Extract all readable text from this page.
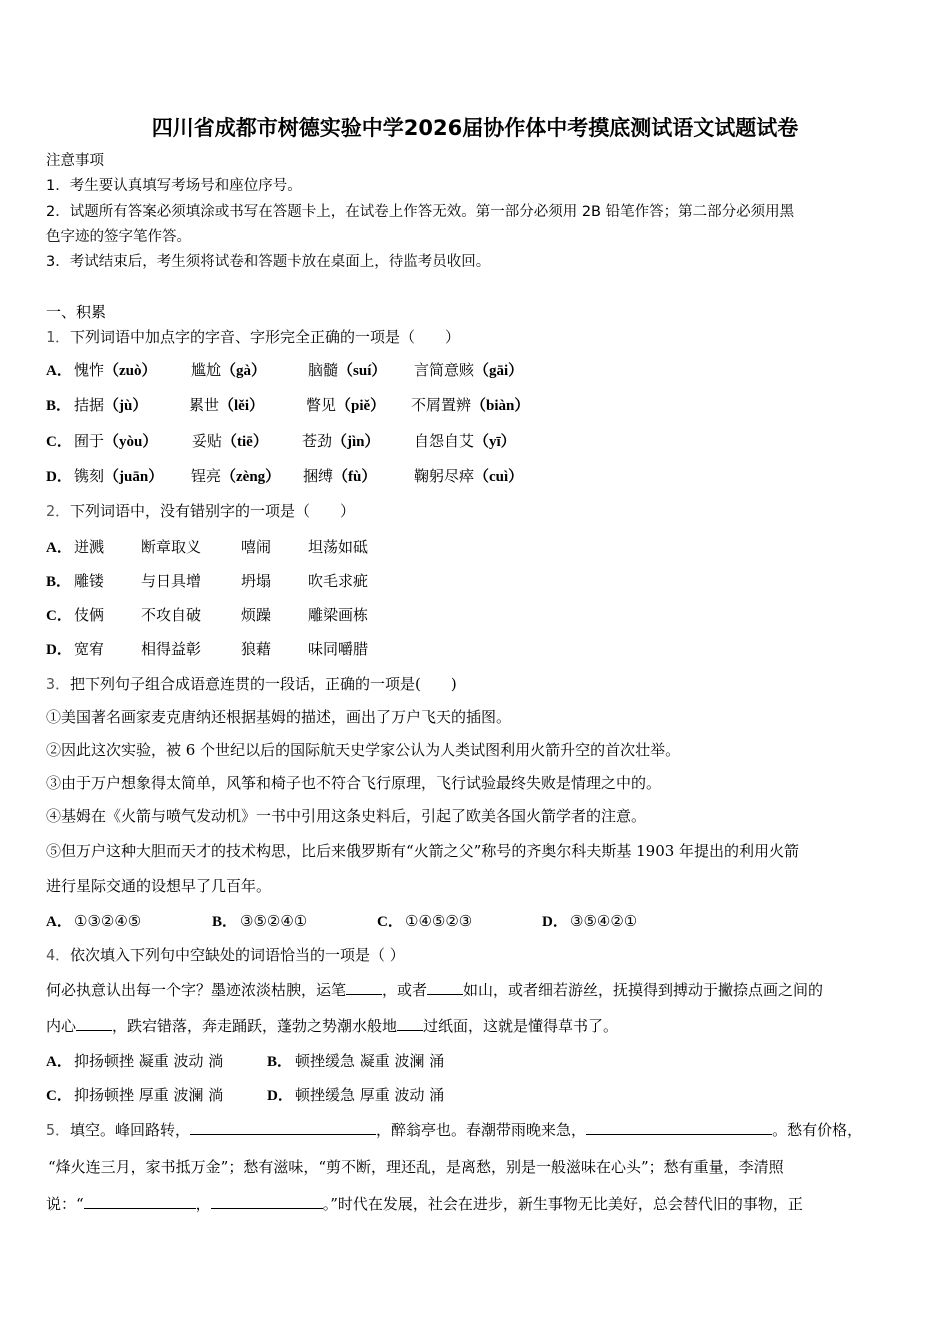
四川省成都市树德实验中学2026届协作体中考摸底测试语文试题试卷
注意事项
1．考生要认真填写考场号和座位序号。
2．试题所有答案必须填涂或书写在答题卡上，在试卷上作答无效。第一部分必须用 2B 铅笔作答；第二部分必须用黑
色字迹的签字笔作答。
3．考试结束后，考生须将试卷和答题卡放在桌面上，待监考员收回。
一、积累
1．下列词语中加点字的字音、字形完全正确的一项是（　　）
A． 愧怍（zuò） 尴尬（gà）	脑髓（suí） 言简意赅（gāi）
B． 拮据（jù）	累世（lěi）	瞥见（piě） 不屑置辨（biàn）
C． 囿于（yòu） 妥贴（tiē） 苍劲（jìn） 自怨自艾（yī）
D． 镌刻（juān） 锃亮（zèng） 捆缚（fù）	鞠躬尽瘁（cuì）
2．下列词语中，没有错别字的一项是（　　）
A． 迸溅 断章取义	嘻闹 坦荡如砥
B． 雕镂 与日具增	坍塌 吹毛求疵
C． 伎俩 不攻自破	烦躁 雕梁画栋
D． 宽宥 相得益彰	狼藉 味同嚼腊
3．把下列句子组合成语意连贯的一段话，正确的一项是(　　)
①美国著名画家麦克唐纳还根据基姆的描述，画出了万户飞天的插图。
②因此这次实验，被 6 个世纪以后的国际航天史学家公认为人类试图利用火箭升空的首次壮举。
③由于万户想象得太简单，风筝和椅子也不符合飞行原理，飞行试验最终失败是情理之中的。
④基姆在《火箭与喷气发动机》一书中引用这条史料后，引起了欧美各国火箭学者的注意。
⑤但万户这种大胆而天才的技术构思，比后来俄罗斯有“火箭之父”称号的齐奥尔科夫斯基 1903 年提出的利用火箭
进行星际交通的设想早了几百年。
A． ①③②④⑤	B． ③⑤②④①	C． ①④⑤②③	D． ③⑤④②①
4．依次填入下列句中空缺处的词语恰当的一项是（ ）
何必执意认出每一个字？墨迹浓淡枯腴，运笔 ，或者 如山，或者细若游丝，抚摸得到搏动于撇捺点画之间的
内心 ，跌宕错落，奔走踊跃，蓬勃之势潮水般地 过纸面，这就是懂得草书了。
A． 抑扬顿挫 凝重 波动 淌	B． 顿挫缓急 凝重 波澜 涌
C． 抑扬顿挫 厚重 波澜 淌	D． 顿挫缓急 厚重 波动 涌
5．填空。峰回路转，	，醉翁亭也。春潮带雨晚来急，	。愁有价格，
“烽火连三月，家书抵万金”；愁有滋味，“剪不断，理还乱，是离愁，别是一般滋味在心头”；愁有重量，李清照
说：“	，	。”时代在发展，社会在进步，新生事物无比美好，总会替代旧的事物，正
